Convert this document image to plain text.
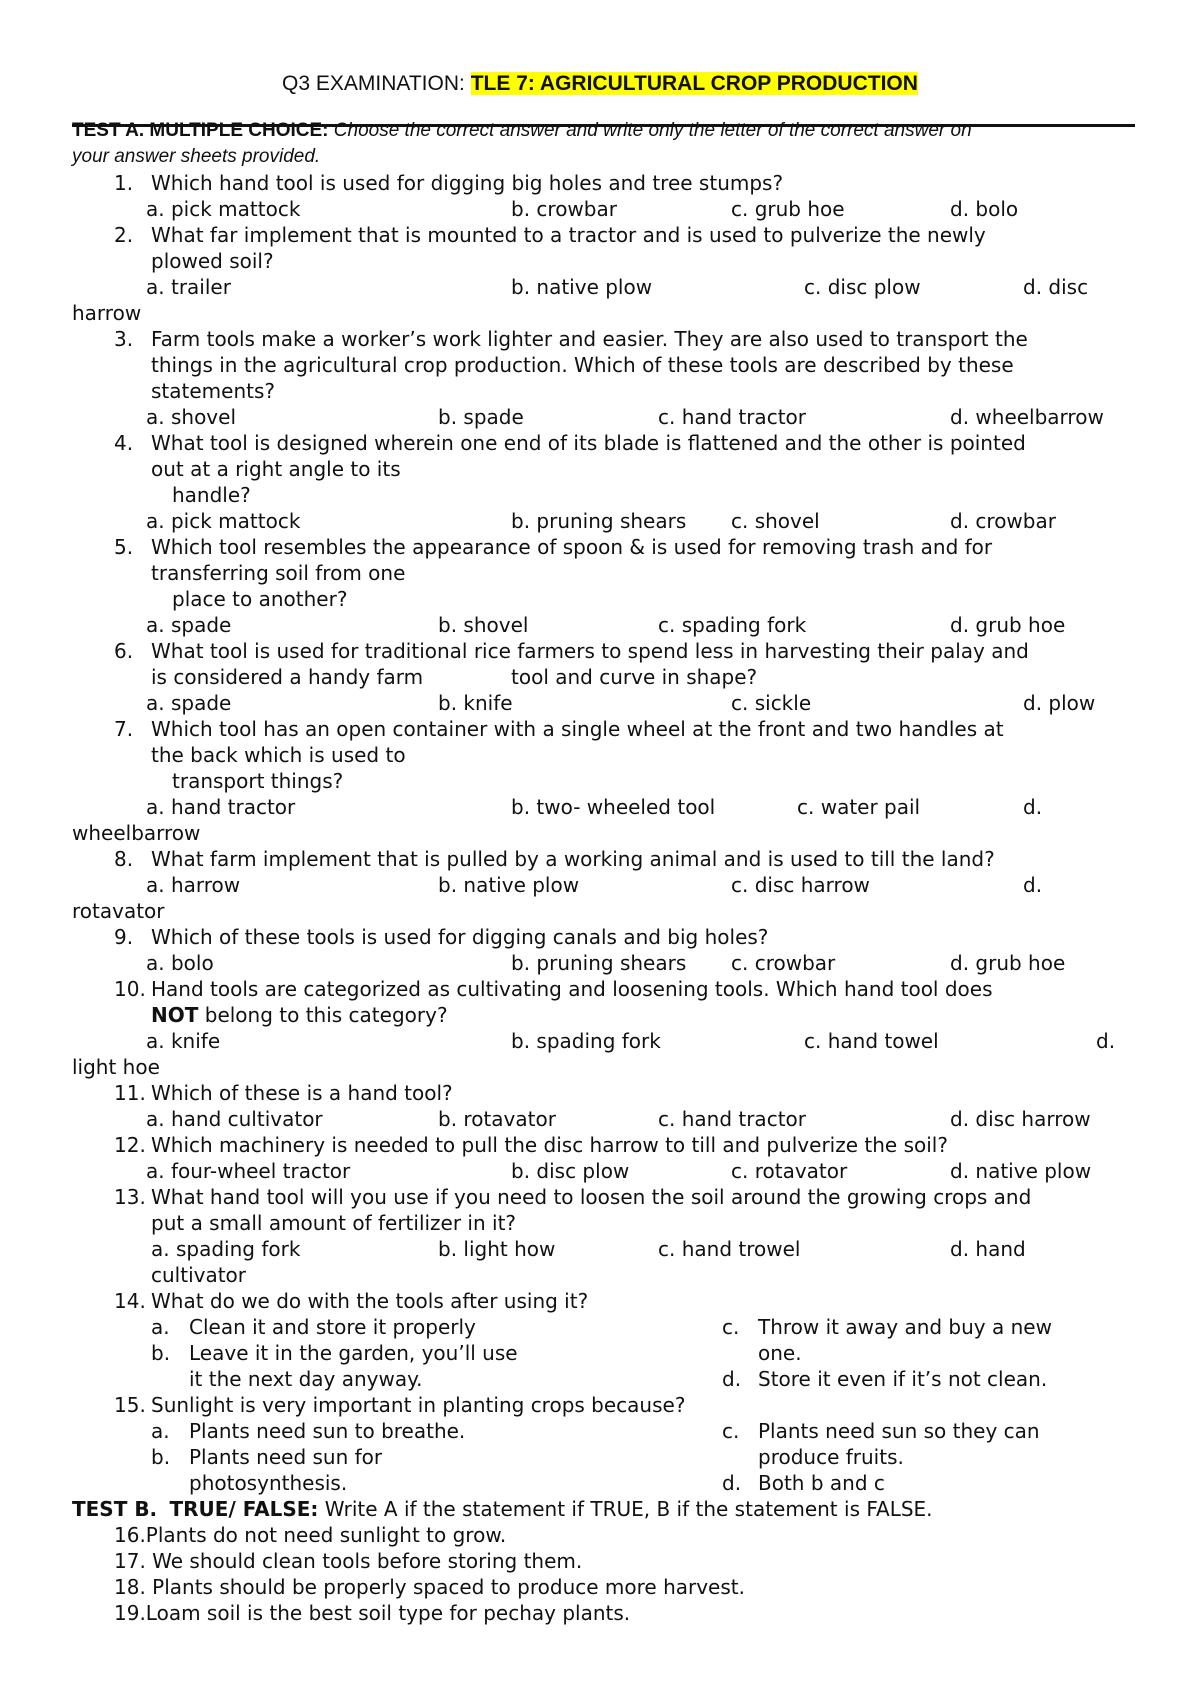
Q3 EXAMINATION: TLE 7: AGRICULTURAL CROP PRODUCTION
TEST A. MULTIPLE CHOICE: Choose the correct answer and write only the letter of the correct answer on
your answer sheets provided.
1. Which hand tool is used for digging big holes and tree stumps?
a. pick mattock	b. crowbar	c. grub hoe	d. bolo
2. What far implement that is mounted to a tractor and is used to pulverize the newly
plowed soil?
a. trailer	b. native plow	c. disc plow	d. disc
harrow
3. Farm tools make a worker’s work lighter and easier. They are also used to transport the
things in the agricultural crop production. Which of these tools are described by these
statements?
a. shovel	b. spade	c. hand tractor	d. wheelbarrow
4. What tool is designed wherein one end of its blade is flattened and the other is pointed
out at a right angle to its
handle?
a. pick mattock	b. pruning shears c. shovel	d. crowbar
5. Which tool resembles the appearance of spoon & is used for removing trash and for
transferring soil from one
place to another?
a. spade	b. shovel	c. spading fork	d. grub hoe
6. What tool is used for traditional rice farmers to spend less in harvesting their palay and
is considered a handy farm	tool and curve in shape?
a. spade	b. knife	c. sickle	d. plow
7. Which tool has an open container with a single wheel at the front and two handles at
the back which is used to
transport things?
a. hand tractor	b. two- wheeled tool	c. water pail	d.
wheelbarrow
8. What farm implement that is pulled by a working animal and is used to till the land?
a. harrow	b. native plow	c. disc harrow	d.
rotavator
9. Which of these tools is used for digging canals and big holes?
a. bolo	b. pruning shears c. crowbar	d. grub hoe
10. Hand tools are categorized as cultivating and loosening tools. Which hand tool does
NOT belong to this category?
a. knife	b. spading fork	c. hand towel	d.
light hoe
11. Which of these is a hand tool?
a. hand cultivator	b. rotavator	c. hand tractor	d. disc harrow
12. Which machinery is needed to pull the disc harrow to till and pulverize the soil?
a. four-wheel tractor	b. disc plow	c. rotavator	d. native plow
13. What hand tool will you use if you need to loosen the soil around the growing crops and
put a small amount of fertilizer in it?
a. spading fork	b. light how	c. hand trowel	d. hand
cultivator
14. What do we do with the tools after using it?
a. Clean it and store it properly	c. Throw it away and buy a new
b. Leave it in the garden, you’ll use	one.
it the next day anyway.	d. Store it even if it’s not clean.
15. Sunlight is very important in planting crops because?
a. Plants need sun to breathe.	c. Plants need sun so they can
b. Plants need sun for	produce fruits.
photosynthesis.	d. Both b and c
TEST B. TRUE/ FALSE: Write A if the statement if TRUE, B if the statement is FALSE.
16.Plants do not need sunlight to grow.
17. We should clean tools before storing them.
18. Plants should be properly spaced to produce more harvest.
19.Loam soil is the best soil type for pechay plants.
